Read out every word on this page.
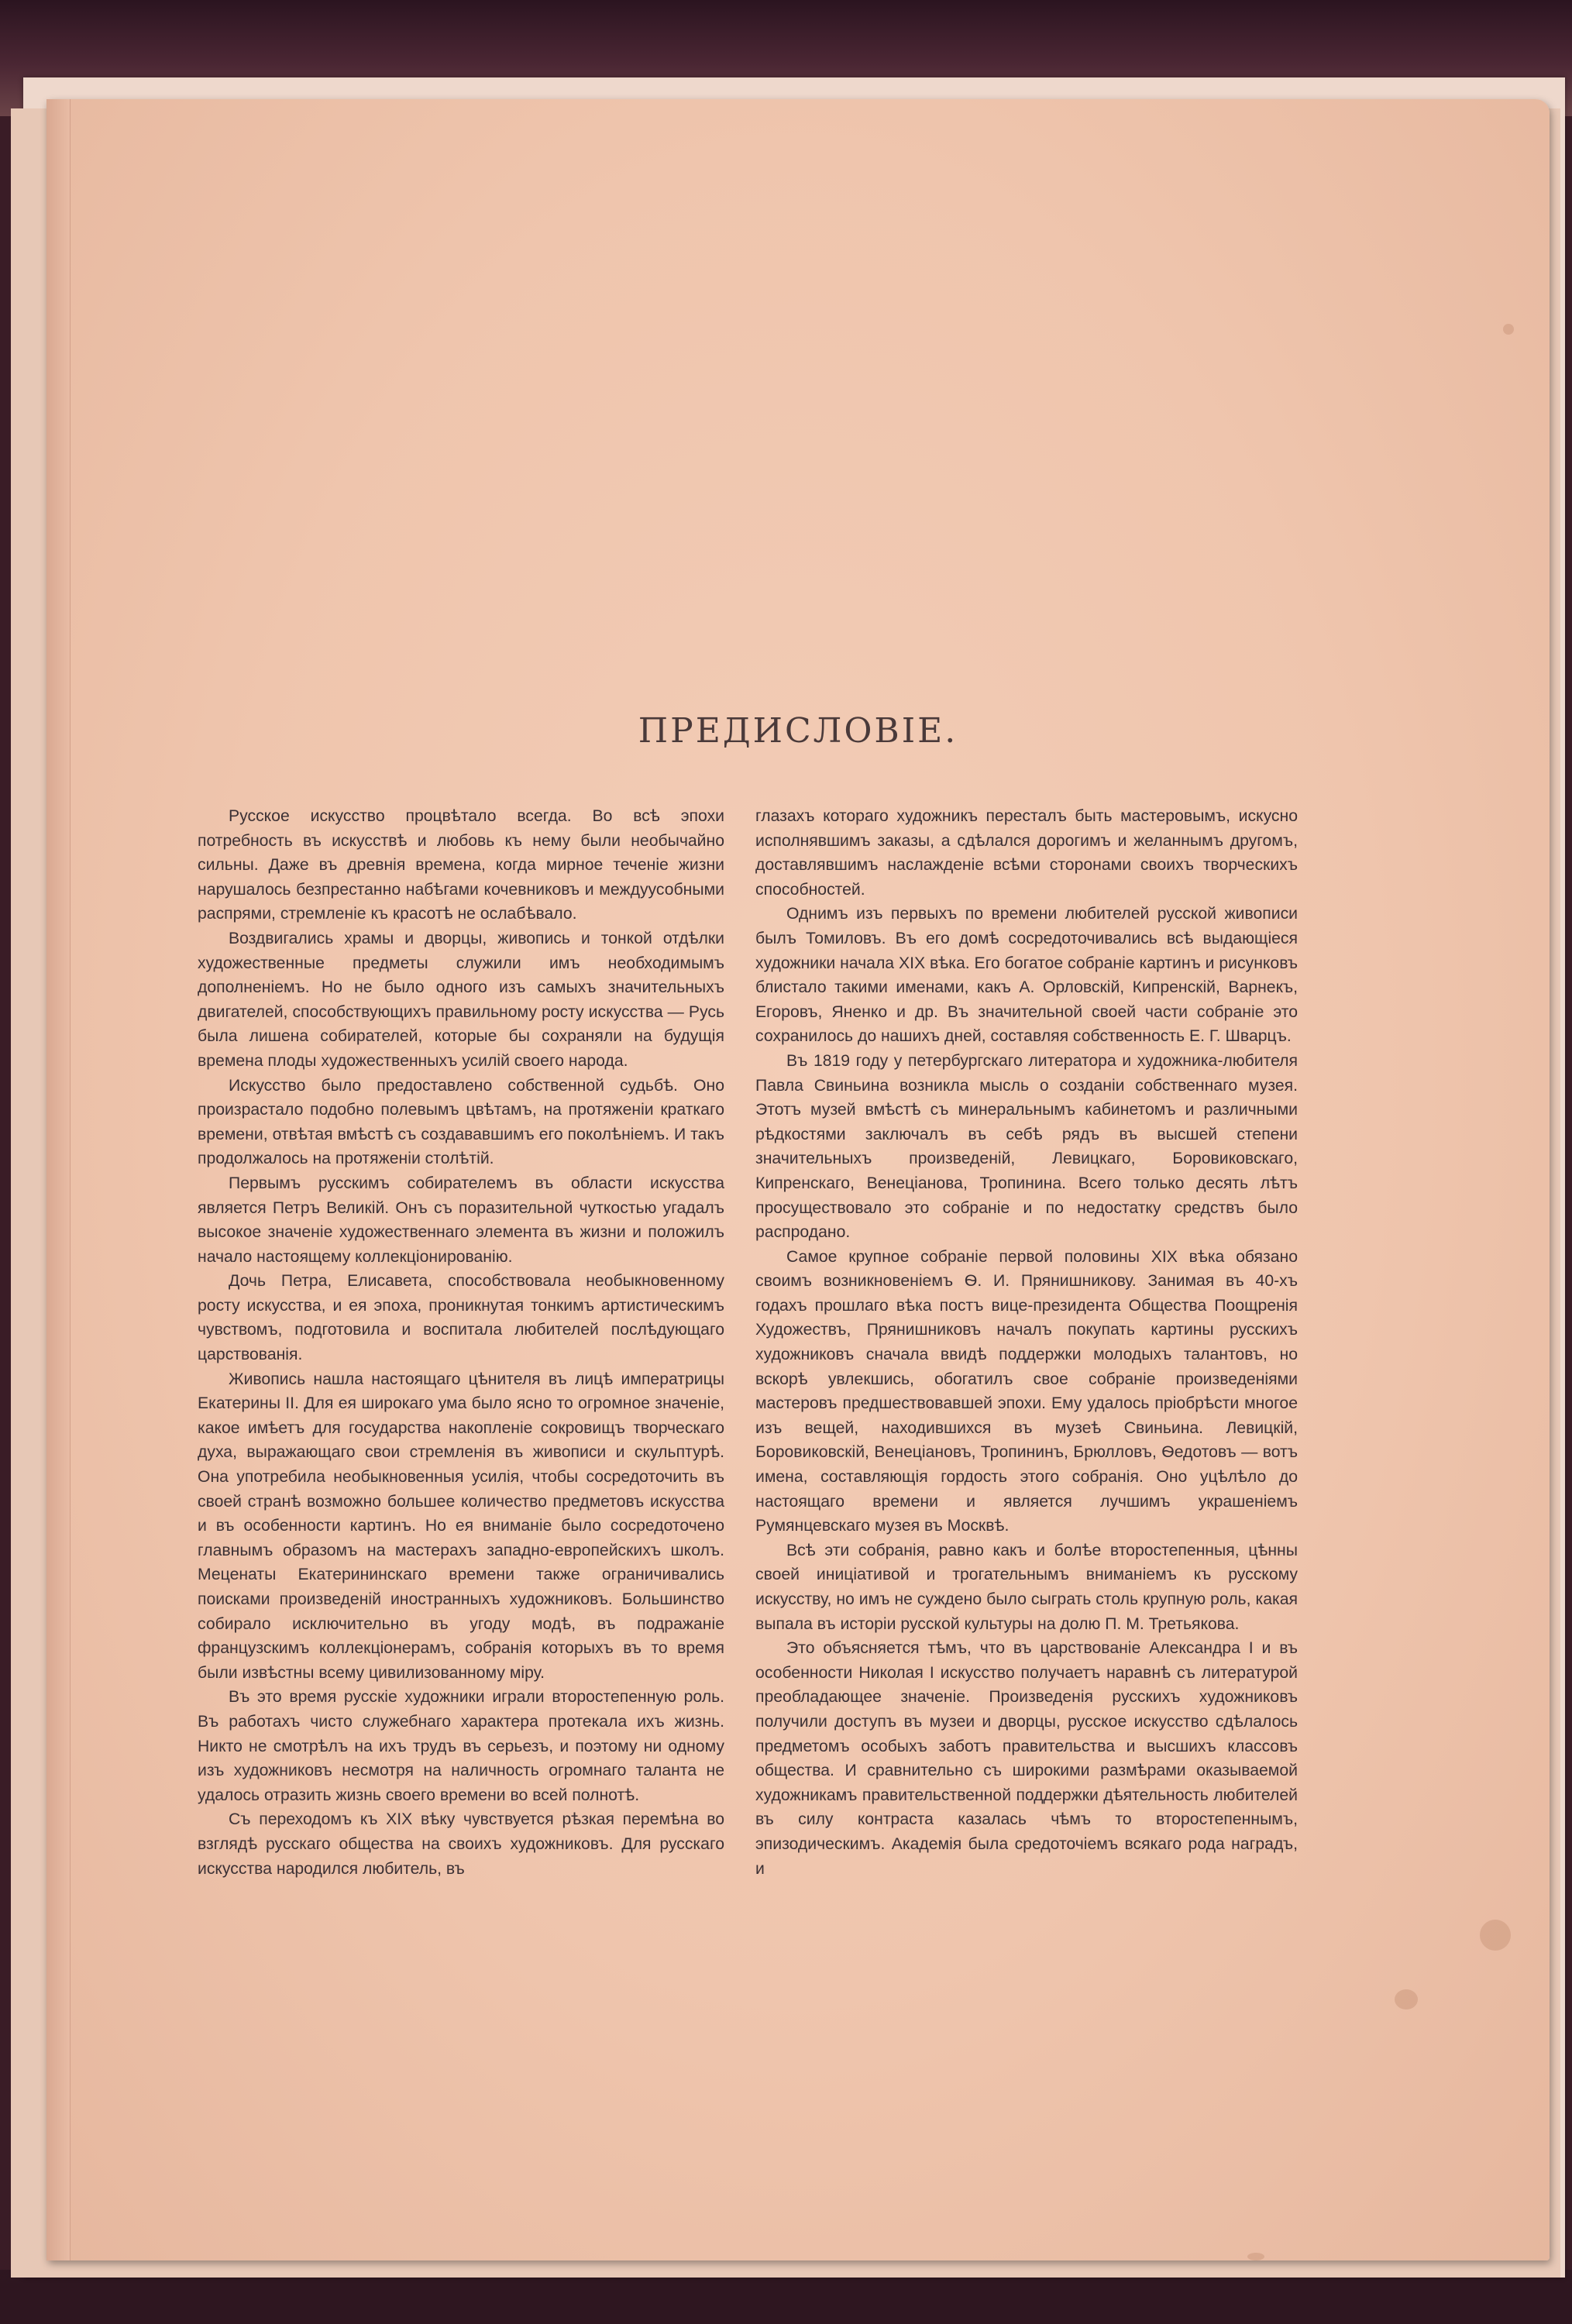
ПРЕДИСЛОВIЕ.

Русское искусство процвѣтало всегда. Во всѣ эпохи потребность въ искусствѣ и любовь къ нему были необычайно сильны. Даже въ древнія времена, когда мирное теченіе жизни нарушалось безпрестанно набѣгами кочевниковъ и междуусобными распрями, стремленіе къ красотѣ не ослабѣвало.

Воздвигались храмы и дворцы, живопись и тонкой отдѣлки художественные предметы служили имъ необходимымъ дополненіемъ. Но не было одного изъ самыхъ значительныхъ двигателей, способствующихъ правильному росту искусства — Русь была лишена собирателей, которые бы сохраняли на будущія времена плоды художественныхъ усилій своего народа.

Искусство было предоставлено собственной судьбѣ. Оно произрастало подобно полевымъ цвѣтамъ, на протяженіи краткаго времени, отвѣтая вмѣстѣ съ создававшимъ его поколѣніемъ. И такъ продолжалось на протяженіи столѣтій.

Первымъ русскимъ собирателемъ въ области искусства является Петръ Великій. Онъ съ поразительной чуткостью угадалъ высокое значеніе художественнаго элемента въ жизни и положилъ начало настоящему коллекціонированію.

Дочь Петра, Елисавета, способствовала необыкновенному росту искусства, и ея эпоха, проникнутая тонкимъ артистическимъ чувствомъ, подготовила и воспитала любителей послѣдующаго царствованія.

Живопись нашла настоящаго цѣнителя въ лицѣ императрицы Екатерины II. Для ея широкаго ума было ясно то огромное значеніе, какое имѣетъ для государства накопленіе сокровищъ творческаго духа, выражающаго свои стремленія въ живописи и скульптурѣ. Она употребила необыкновенныя усилія, чтобы сосредоточить въ своей странѣ возможно большее количество предметовъ искусства и въ особенности картинъ. Но ея вниманіе было сосредоточено главнымъ образомъ на мастерахъ западно-европейскихъ школъ. Меценаты Екатерининскаго времени также ограничивались поисками произведеній иностранныхъ художниковъ. Большинство собирало исключительно въ угоду модѣ, въ подражаніе французскимъ коллекціонерамъ, собранія которыхъ въ то время были извѣстны всему цивилизованному міру.

Въ это время русскіе художники играли второстепенную роль. Въ работахъ чисто служебнаго характера протекала ихъ жизнь. Никто не смотрѣлъ на ихъ трудъ въ серьезъ, и поэтому ни одному изъ художниковъ несмотря на наличность огромнаго таланта не удалось отразить жизнь своего времени во всей полнотѣ.

Съ переходомъ къ XIX вѣку чувствуется рѣзкая перемѣна во взглядѣ русскаго общества на своихъ художниковъ. Для русскаго искусства народился любитель, въ

глазахъ котораго художникъ пересталъ быть мастеровымъ, искусно исполнявшимъ заказы, а сдѣлался дорогимъ и желаннымъ другомъ, доставлявшимъ наслажденіе всѣми сторонами своихъ творческихъ способностей.

Однимъ изъ первыхъ по времени любителей русской живописи былъ Томиловъ. Въ его домѣ сосредоточивались всѣ выдающіеся художники начала XIX вѣка. Его богатое собраніе картинъ и рисунковъ блистало такими именами, какъ А. Орловскій, Кипренскій, Варнекъ, Егоровъ, Яненко и др. Въ значительной своей части собраніе это сохранилось до нашихъ дней, составляя собственность Е. Г. Шварцъ.

Въ 1819 году у петербургскаго литератора и художника-любителя Павла Свиньина возникла мысль о созданіи собственнаго музея. Этотъ музей вмѣстѣ съ минеральнымъ кабинетомъ и различными рѣдкостями заключалъ въ себѣ рядъ въ высшей степени значительныхъ произведеній, Левицкаго, Боровиковскаго, Кипренскаго, Венеціанова, Тропинина. Всего только десять лѣтъ просуществовало это собраніе и по недостатку средствъ было распродано.

Самое крупное собраніе первой половины XIX вѣка обязано своимъ возникновеніемъ Ѳ. И. Прянишникову. Занимая въ 40-хъ годахъ прошлаго вѣка постъ вице-президента Общества Поощренія Художествъ, Прянишниковъ началъ покупать картины русскихъ художниковъ сначала ввидѣ поддержки молодыхъ талантовъ, но вскорѣ увлекшись, обогатилъ свое собраніе произведеніями мастеровъ предшествовавшей эпохи. Ему удалось пріобрѣсти многое изъ вещей, находившихся въ музеѣ Свиньина. Левицкій, Боровиковскій, Венеціановъ, Тропининъ, Брюлловъ, Ѳедотовъ — вотъ имена, составляющія гордость этого собранія. Оно уцѣлѣло до настоящаго времени и является лучшимъ украшеніемъ Румянцевскаго музея въ Москвѣ.

Всѣ эти собранія, равно какъ и болѣе второстепенныя, цѣнны своей иниціативой и трогательнымъ вниманіемъ къ русскому искусству, но имъ не суждено было сыграть столь крупную роль, какая выпала въ исторіи русской культуры на долю П. М. Третьякова.

Это объясняется тѣмъ, что въ царствованіе Александра I и въ особенности Николая I искусство получаетъ наравнѣ съ литературой преобладающее значеніе. Произведенія русскихъ художниковъ получили доступъ въ музеи и дворцы, русское искусство сдѣлалось предметомъ особыхъ заботъ правительства и высшихъ классовъ общества. И сравнительно съ широкими размѣрами оказываемой художникамъ правительственной поддержки дѣятельность любителей въ силу контраста казалась чѣмъ то второстепеннымъ, эпизодическимъ. Академія была средоточіемъ всякаго рода наградъ, и
